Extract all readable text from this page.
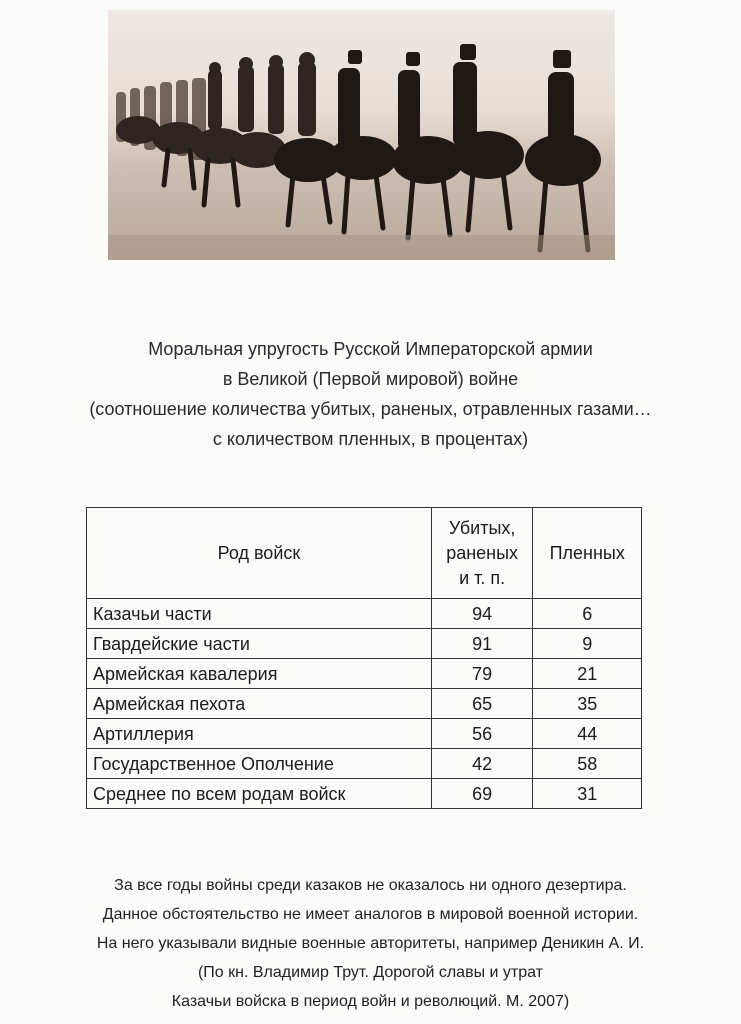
Моральная упругость Русской Императорской армии
в Великой (Первой мировой) войне
(соотношение количества убитых, раненых, отравленных газами…
с количеством пленных, в процентах)
Род войск	Убитых,
раненых
и т. п.	Пленных
Казачьи части	94	6
Гвардейские части	91	9
Армейская кавалерия	79	21
Армейская пехота	65	35
Артиллерия	56	44
Государственное Ополчение	42	58
Среднее по всем родам войск	69	31
За все годы войны среди казаков не оказалось ни одного дезертира.
Данное обстоятельство не имеет аналогов в мировой военной истории.
На него указывали видные военные авторитеты, например Деникин А. И.
(По кн. Владимир Трут. Дорогой славы и утрат
Казачьи войска в период войн и революций. М. 2007)
